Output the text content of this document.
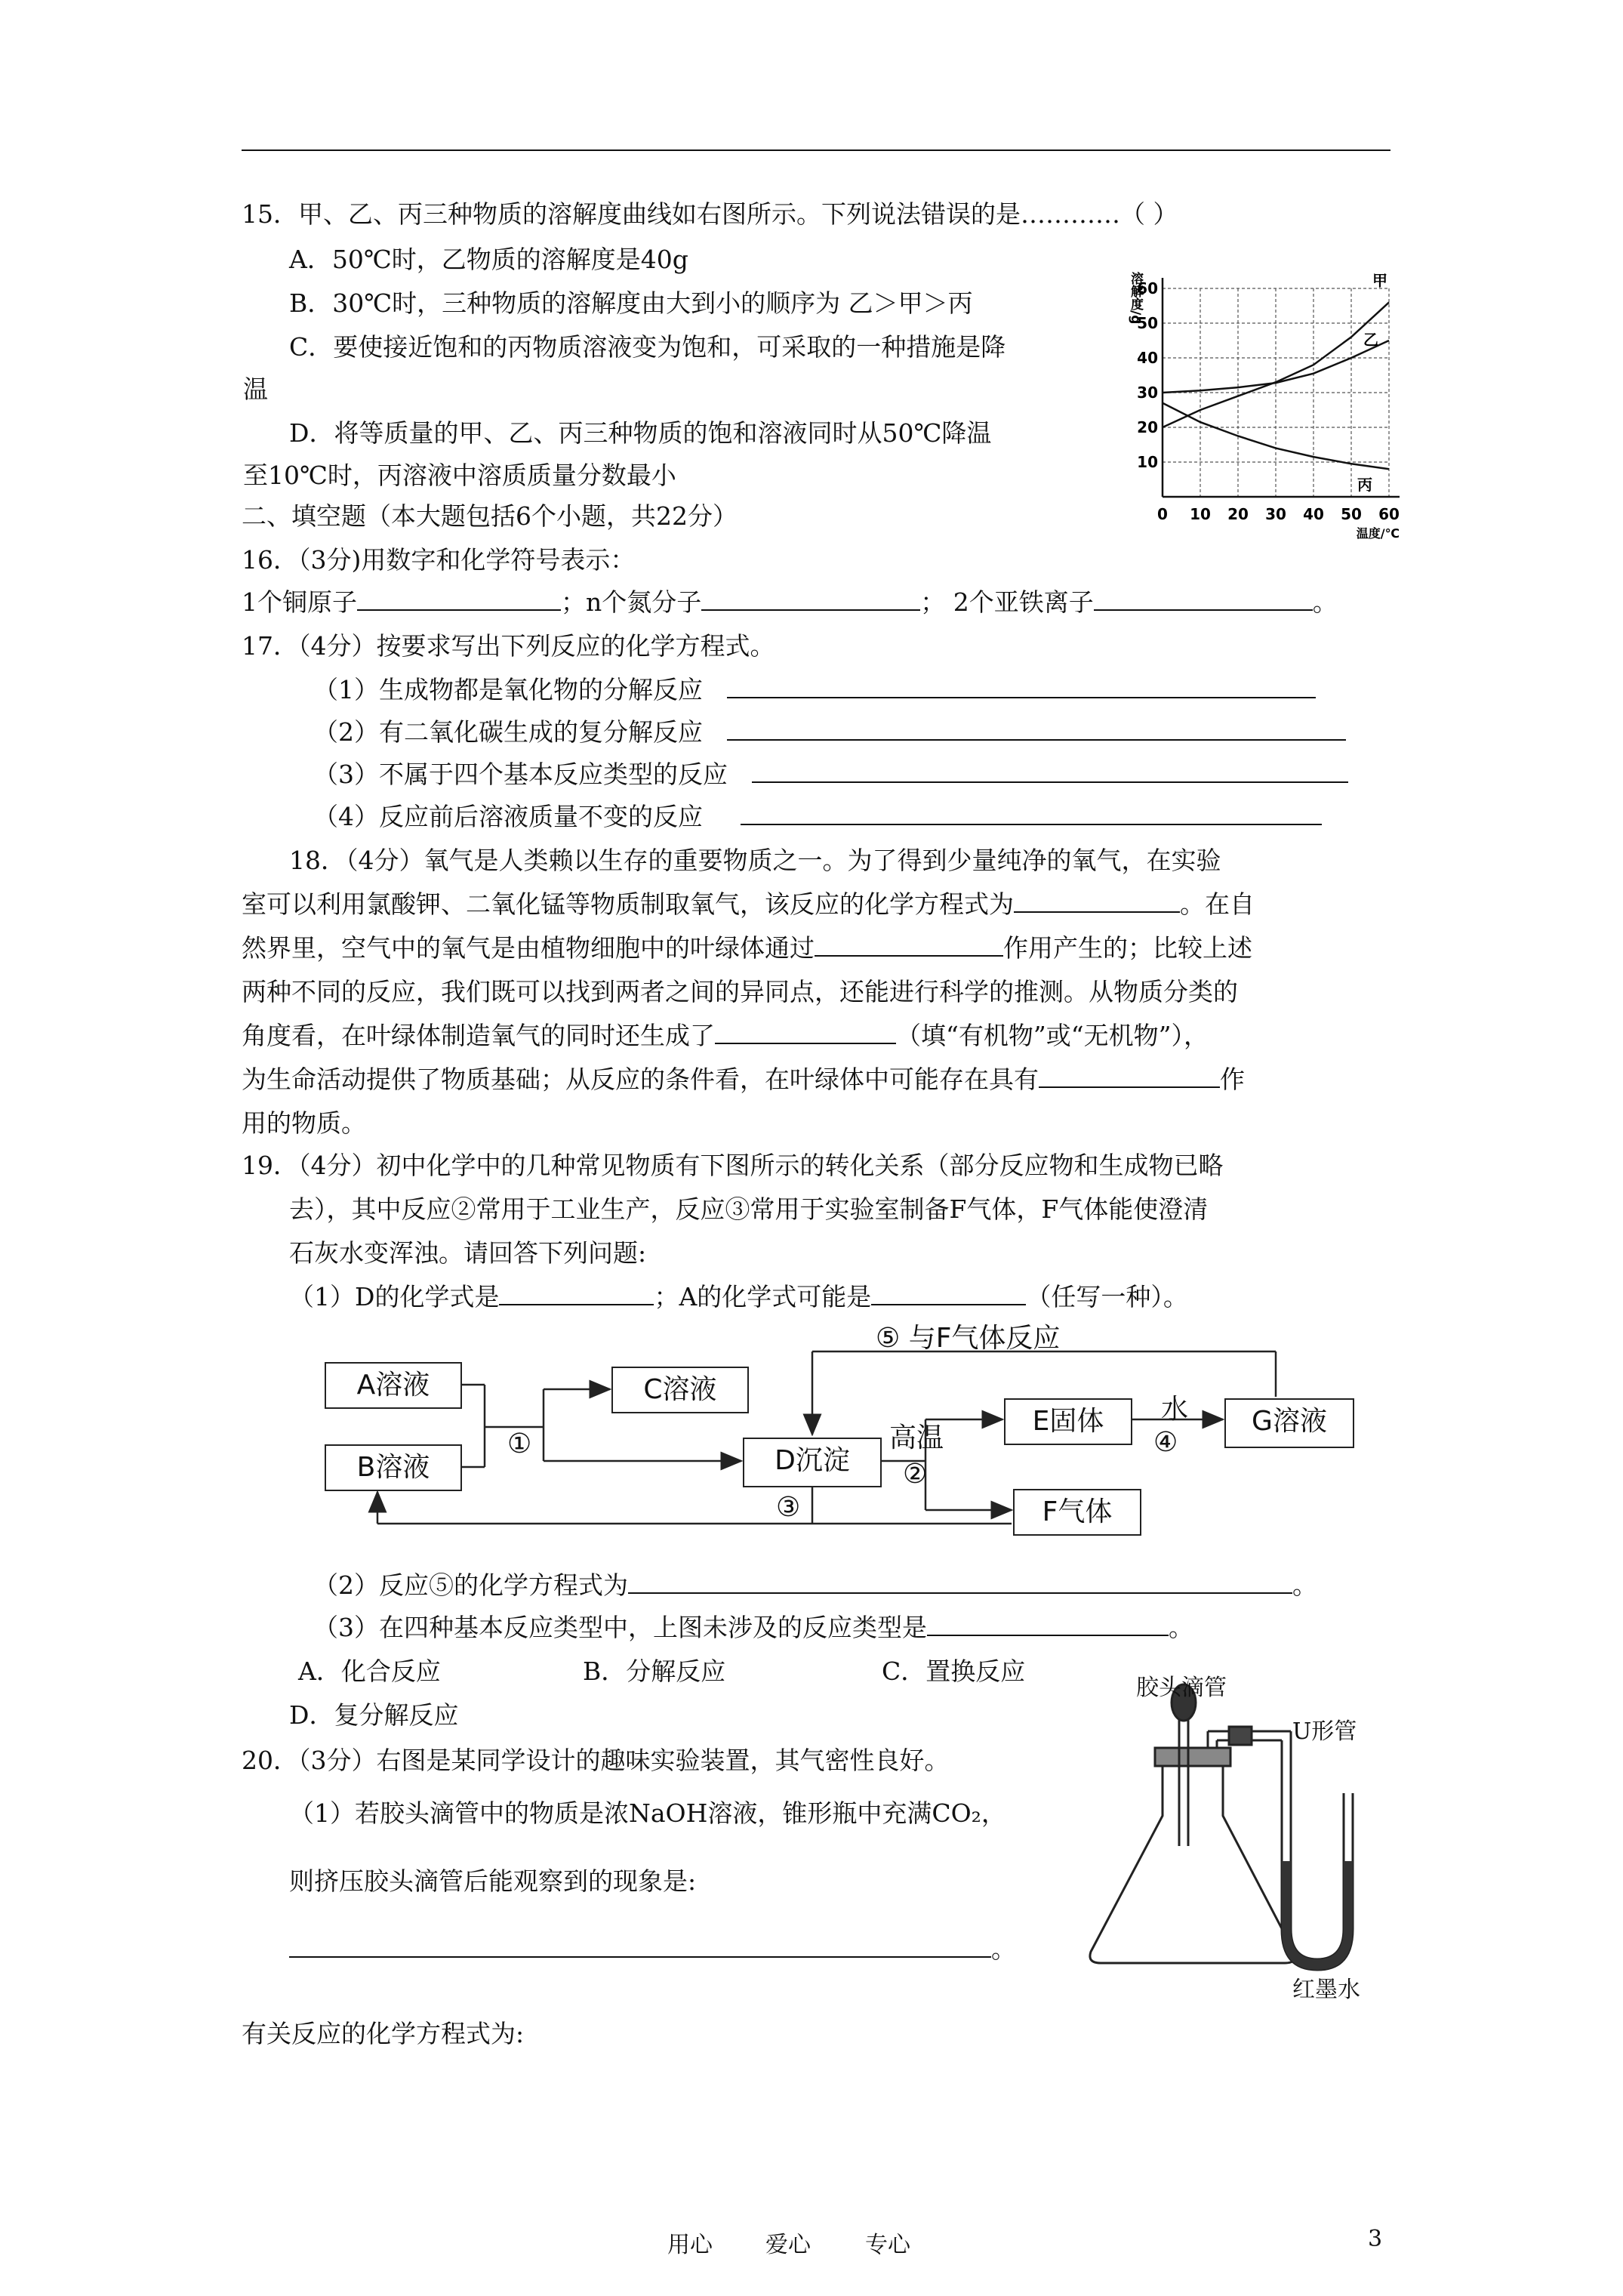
15．甲、乙、丙三种物质的溶解度曲线如右图所示。下列说法错误的是…………（ ）
A．50℃时，乙物质的溶解度是40g
B．30℃时，三种物质的溶解度由大到小的顺序为 乙＞甲＞丙
C．要使接近饱和的丙物质溶液变为饱和，可采取的一种措施是降
温
D．将等质量的甲、乙、丙三种物质的饱和溶液同时从50℃降温
至10℃时，丙溶液中溶质质量分数最小
0 10 20 30 40 50 60
10
20
30
40
50
60
溶解度/g
温度/℃
甲
乙
丙
二、填空题（本大题包括6个小题，共22分）
16．（3分)用数字和化学符号表示：
1个铜原子	；n个氮分子	； 2个亚铁离子	。
17．（4分）按要求写出下列反应的化学方程式。
（1）生成物都是氧化物的分解反应
（2）有二氧化碳生成的复分解反应
（3）不属于四个基本反应类型的反应
（4）反应前后溶液质量不变的反应
18．（4分）氧气是人类赖以生存的重要物质之一。为了得到少量纯净的氧气，在实验
室可以利用氯酸钾、二氧化锰等物质制取氧气，该反应的化学方程式为	。在自
然界里，空气中的氧气是由植物细胞中的叶绿体通过	作用产生的；比较上述
两种不同的反应，我们既可以找到两者之间的异同点，还能进行科学的推测。从物质分类的
角度看，在叶绿体制造氧气的同时还生成了	（填“有机物”或“无机物”），
为生命活动提供了物质基础；从反应的条件看，在叶绿体中可能存在具有	作
用的物质。
19．（4分）初中化学中的几种常见物质有下图所示的转化关系（部分反应物和生成物已略
去），其中反应②常用于工业生产，反应③常用于实验室制备F气体，F气体能使澄清
石灰水变浑浊。请回答下列问题:
（1）D的化学式是	；A的化学式可能是	（任写一种）。
A溶液
B溶液
C溶液
D沉淀
E固体
F气体
G溶液
①
②
③
④
⑤ 与F气体反应
高温
水
（2）反应⑤的化学方程式为	。
（3）在四种基本反应类型中，上图未涉及的反应类型是	。
A．化合反应	B．分解反应	C．置换反应
D．复分解反应
20．（3分）右图是某同学设计的趣味实验装置，其气密性良好。
（1）若胶头滴管中的物质是浓NaOH溶液，锥形瓶中充满CO₂，
则挤压胶头滴管后能观察到的现象是:
。
有关反应的化学方程式为:
胶头滴管
U形管
红墨水
用心 爱心 专心	3
